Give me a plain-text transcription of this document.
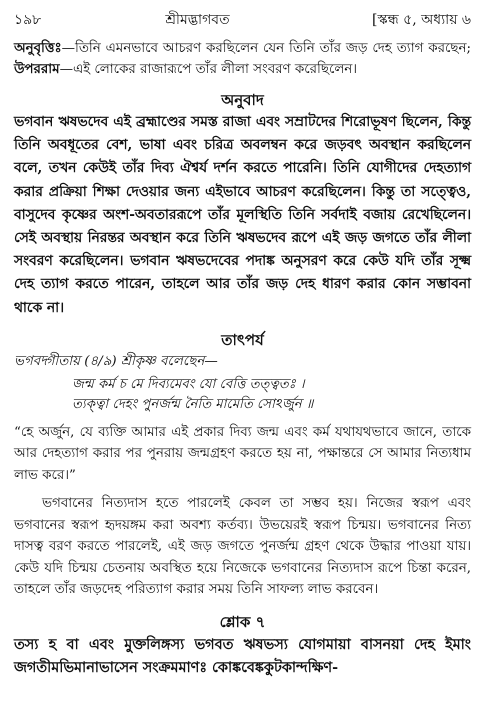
১৯৮	শ্রীমদ্ভাগবত	[স্কন্ধ ৫, অধ্যায় ৬

অনুবৃত্তিঃ—তিনি এমনভাবে আচরণ করছিলেন যেন তিনি তাঁর জড় দেহ ত্যাগ করছেন; উপররাম—এই লোকের রাজারূপে তাঁর লীলা সংবরণ করেছিলেন।

অনুবাদ

ভগবান ঋষভদেব এই ব্রহ্মাণ্ডের সমস্ত রাজা এবং সম্রাটদের শিরোভূষণ ছিলেন, কিন্তু তিনি অবধূতের বেশ, ভাষা এবং চরিত্র অবলম্বন করে জড়বৎ অবস্থান করছিলেন বলে, তখন কেউই তাঁর দিব্য ঐশ্বর্য দর্শন করতে পারেনি। তিনি যোগীদের দেহত্যাগ করার প্রক্রিয়া শিক্ষা দেওয়ার জন্য এইভাবে আচরণ করেছিলেন। কিন্তু তা সত্ত্বেও, বাসুদেব কৃষ্ণের অংশ-অবতাররূপে তাঁর মূলস্থিতি তিনি সর্বদাই বজায় রেখেছিলেন। সেই অবস্থায় নিরন্তর অবস্থান করে তিনি ঋষভদেব রূপে এই জড় জগতে তাঁর লীলা সংবরণ করেছিলেন। ভগবান ঋষভদেবের পদাঙ্ক অনুসরণ করে কেউ যদি তাঁর সূক্ষ্ম দেহ ত্যাগ করতে পারেন, তাহলে আর তাঁর জড় দেহ ধারণ করার কোন সম্ভাবনা থাকে না।

তাৎপর্য

ভগবদ্গীতায় (৪/৯) শ্রীকৃষ্ণ বলেছেন—

জন্ম কর্ম চ মে দিব্যমেবং যো বেত্তি তত্ত্বতঃ ।
ত্যক্ত্বা দেহং পুনর্জন্ম নৈতি মামেতি সোঽর্জুন ॥

“হে অর্জুন, যে ব্যক্তি আমার এই প্রকার দিব্য জন্ম এবং কর্ম যথাযথভাবে জানে, তাকে আর দেহত্যাগ করার পর পুনরায় জন্মগ্রহণ করতে হয় না, পক্ষান্তরে সে আমার নিত্যধাম লাভ করে।”

ভগবানের নিত্যদাস হতে পারলেই কেবল তা সম্ভব হয়। নিজের স্বরূপ এবং ভগবানের স্বরূপ হৃদয়ঙ্গম করা অবশ্য কর্তব্য। উভয়েরই স্বরূপ চিন্ময়। ভগবানের নিত্য দাসত্ব বরণ করতে পারলেই, এই জড় জগতে পুনর্জন্ম গ্রহণ থেকে উদ্ধার পাওয়া যায়। কেউ যদি চিন্ময় চেতনায় অবস্থিত হয়ে নিজেকে ভগবানের নিত্যদাস রূপে চিন্তা করেন, তাহলে তাঁর জড়দেহ পরিত্যাগ করার সময় তিনি সাফল্য লাভ করবেন।

শ্লোক ৭

তস্য হ বা এবং মুক্তলিঙ্গস্য ভগবত ঋষভস্য যোগমায়া বাসনয়া দেহ ইমাং জগতীমভিমানাভাসেন সংক্রমমাণঃ কোঙ্কবেঙ্ককুটকান্দক্ষিণ-
